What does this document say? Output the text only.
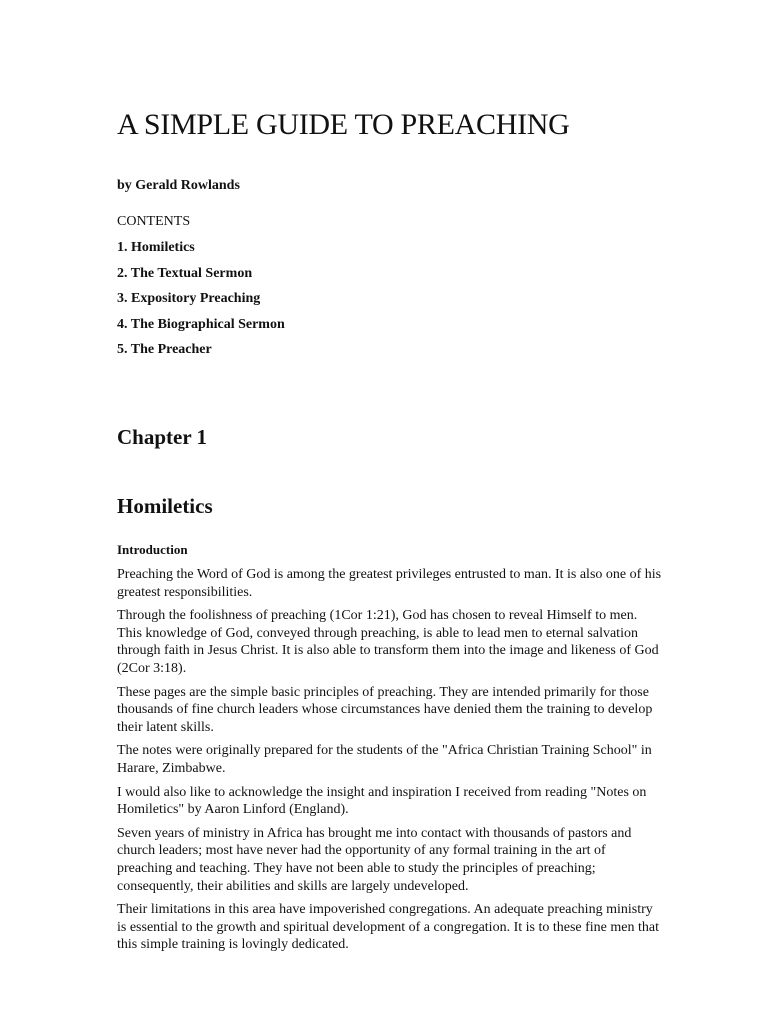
A SIMPLE GUIDE TO PREACHING

by Gerald Rowlands

CONTENTS

1. Homiletics
2. The Textual Sermon
3. Expository Preaching
4. The Biographical Sermon
5. The Preacher
Chapter 1
Homiletics
Introduction

Preaching the Word of God is among the greatest privileges entrusted to man. It is also one of his greatest responsibilities.

Through the foolishness of preaching (1Cor 1:21), God has chosen to reveal Himself to men. This knowledge of God, conveyed through preaching, is able to lead men to eternal salvation through faith in Jesus Christ. It is also able to transform them into the image and likeness of God (2Cor 3:18).

These pages are the simple basic principles of preaching. They are intended primarily for those thousands of fine church leaders whose circumstances have denied them the training to develop their latent skills.

The notes were originally prepared for the students of the "Africa Christian Training School" in Harare, Zimbabwe.

I would also like to acknowledge the insight and inspiration I received from reading "Notes on Homiletics" by Aaron Linford (England).

Seven years of ministry in Africa has brought me into contact with thousands of pastors and church leaders; most have never had the opportunity of any formal training in the art of preaching and teaching. They have not been able to study the principles of preaching; consequently, their abilities and skills are largely undeveloped.

Their limitations in this area have impoverished congregations. An adequate preaching ministry is essential to the growth and spiritual development of a congregation. It is to these fine men that this simple training is lovingly dedicated.
